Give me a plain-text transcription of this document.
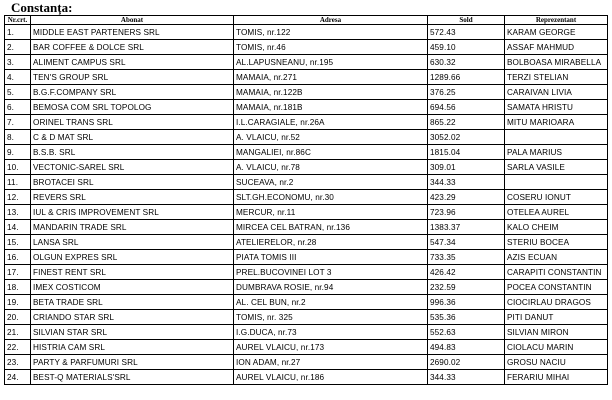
Constanța:
Nr.crt.	Abonat	Adresa	Sold	Reprezentant
1.	MIDDLE EAST PARTENERS SRL	TOMIS, nr.122	572.43	KARAM GEORGE
2.	BAR COFFEE & DOLCE SRL	TOMIS, nr.46	459.10	ASSAF MAHMUD
3.	ALIMENT CAMPUS SRL	AL.LAPUSNEANU, nr.195	630.32	BOLBOASA MIRABELLA
4.	TEN'S GROUP SRL	MAMAIA, nr.271	1289.66	TERZI STELIAN
5.	B.G.F.COMPANY SRL	MAMAIA, nr.122B	376.25	CARAIVAN LIVIA
6.	BEMOSA COM SRL TOPOLOG	MAMAIA, nr.181B	694.56	SAMATA HRISTU
7.	ORINEL TRANS SRL	I.L.CARAGIALE, nr.26A	865.22	MITU MARIOARA
8.	C & D MAT SRL	A. VLAICU, nr.52	3052.02	
9.	B.S.B. SRL	MANGALIEI, nr.86C	1815.04	PALA MARIUS
10.	VECTONIC-SAREL SRL	A. VLAICU, nr.78	309.01	SARLA VASILE
11.	BROTACEI SRL	SUCEAVA, nr.2	344.33	
12.	REVERS SRL	SLT.GH.ECONOMU, nr.30	423.29	COSERU IONUT
13.	IUL & CRIS IMPROVEMENT SRL	MERCUR, nr.11	723.96	OTELEA AUREL
14.	MANDARIN TRADE SRL	MIRCEA CEL BATRAN, nr.136	1383.37	KALO CHEIM
15.	LANSA SRL	ATELIERELOR, nr.28	547.34	STERIU BOCEA
16.	OLGUN EXPRES SRL	PIATA TOMIS III	733.35	AZIS ECUAN
17.	FINEST RENT SRL	PREL.BUCOVINEI LOT 3	426.42	CARAPITI CONSTANTIN
18.	IMEX COSTICOM	DUMBRAVA ROSIE, nr.94	232.59	POCEA CONSTANTIN
19.	BETA TRADE SRL	AL. CEL BUN, nr.2	996.36	CIOCIRLAU DRAGOS
20.	CRIANDO STAR SRL	TOMIS, nr. 325	535.36	PITI DANUT
21.	SILVIAN STAR SRL	I.G.DUCA, nr.73	552.63	SILVIAN MIRON
22.	HISTRIA CAM SRL	AUREL VLAICU, nr.173	494.83	CIOLACU MARIN
23.	PARTY & PARFUMURI SRL	ION ADAM, nr.27	2690.02	GROSU NACIU
24.	BEST-Q MATERIALS'SRL	AUREL VLAICU, nr.186	344.33	FERARIU MIHAI
